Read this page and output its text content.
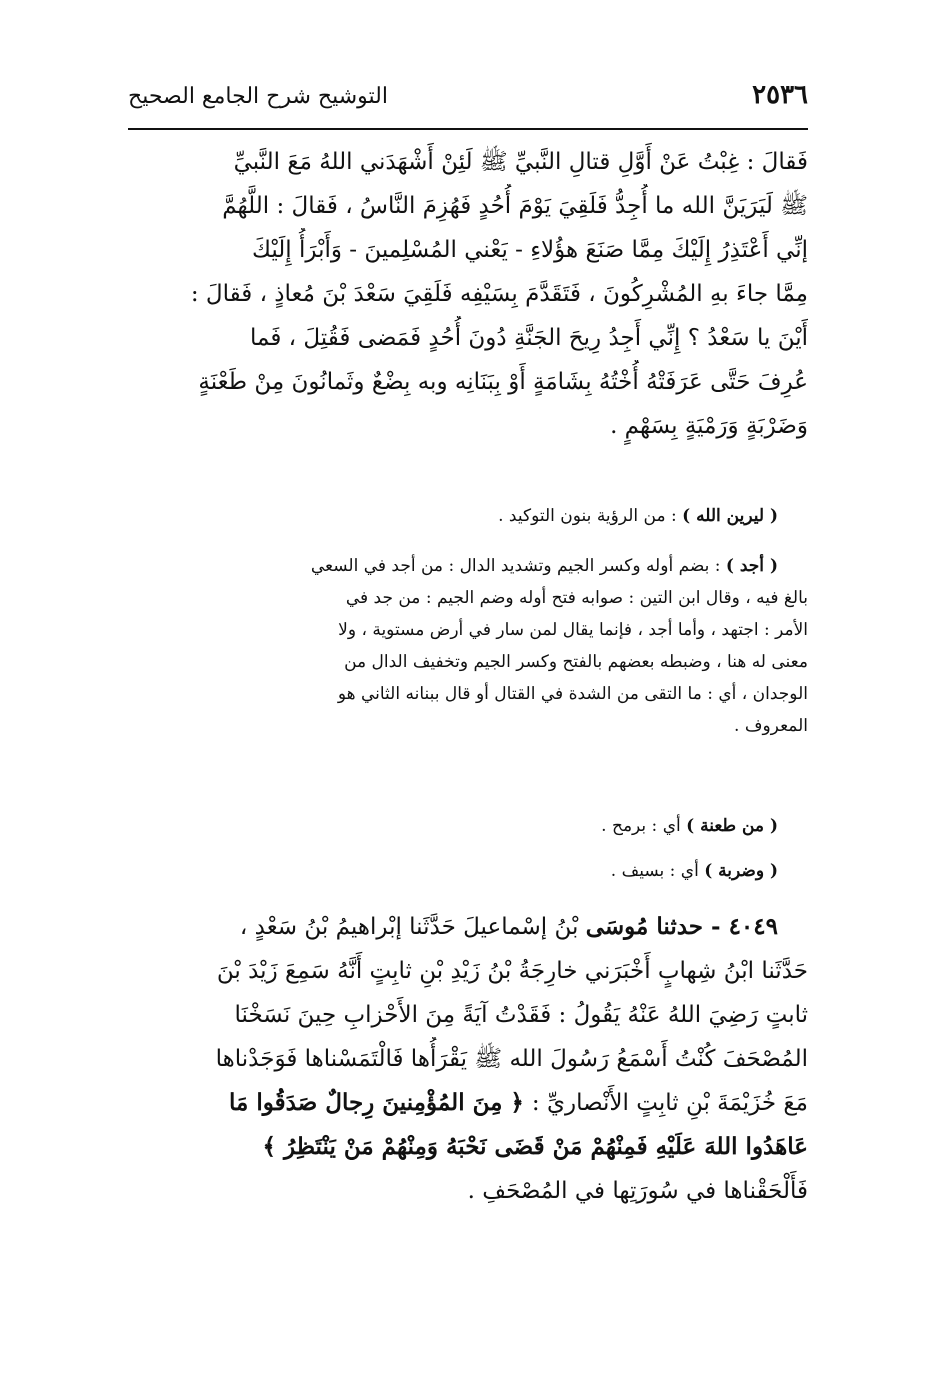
٢٥٣٦
التوشيح شرح الجامع الصحيح
فَقالَ : غِبْتُ عَنْ أَوَّلِ قتالِ النَّبيِّ ﷺ لَئِنْ أَشْهَدَني اللهُ مَعَ النَّبيِّ
ﷺ لَيَرَيَنَّ الله ما أُجِدُّ فَلَقِيَ يَوْمَ أُحُدٍ فَهُزِمَ النَّاسُ ، فَقالَ : اللَّهُمَّ
إنِّي أَعْتَذِرُ إِلَيْكَ مِمَّا صَنَعَ هؤُلاءِ - يَعْني المُسْلِمينَ - وَأَبْرَأُ إِلَيْكَ
مِمَّا جاءَ بهِ المُشْرِكُونَ ، فَتَقَدَّمَ بِسَيْفِه فَلَقِيَ سَعْدَ بْنَ مُعاذٍ ، فَقالَ :
أَيْنَ يا سَعْدُ ؟ إِنِّي أَجِدُ رِيحَ الجَنَّةِ دُونَ أُحُدٍ فَمَضى فَقُتِلَ ، فَما
عُرِفَ حَتَّى عَرَفَتْهُ أُخْتُهُ بِشَامَةٍ أَوْ بِبَنَانِه وبه بِضْعٌ وثَمانُونَ مِنْ طَعْنَةٍ
وَضَرْبَةٍ وَرَمْيَةٍ بِسَهْمٍ .
( ليرين الله ) : من الرؤية بنون التوكيد .
( أجد ) : بضم أوله وكسر الجيم وتشديد الدال : من أجد في السعي
بالغ فيه ، وقال ابن التين : صوابه فتح أوله وضم الجيم : من جد في
الأمر : اجتهد ، وأما أجد ، فإنما يقال لمن سار في أرض مستوية ، ولا
معنى له هنا ، وضبطه بعضهم بالفتح وكسر الجيم وتخفيف الدال من
الوجدان ، أي : ما التقى من الشدة في القتال أو قال ببنانه الثاني هو
المعروف .
( من طعنة ) أي : برمح .
( وضربة ) أي : بسيف .
٤٠٤٩ - حدثنا مُوسَى بْنُ إسْماعيلَ حَدَّثَنا إبْراهيمُ بْنُ سَعْدٍ ،
حَدَّثَنا ابْنُ شِهابٍ أَخْبَرَني خارِجَةُ بْنُ زَيْدِ بْنِ ثابِتٍ أَنَّهُ سَمِعَ زَيْدَ بْنَ
ثابتٍ رَضِيَ اللهُ عَنْهُ يَقُولُ : فَقَدْتُ آيَةً مِنَ الأَحْزابِ حِينَ نَسَخْنَا
المُصْحَفَ كُنْتُ أَسْمَعُ رَسُولَ الله ﷺ يَقْرَأُها فَالْتَمَسْناها فَوَجَدْناها
مَعَ خُزَيْمَةَ بْنِ ثابِتٍ الأَنْصاريِّ : ﴿ مِنَ المُؤْمِنينَ رِجالٌ صَدَقُوا مَا
عَاهَدُوا اللهَ عَلَيْهِ فَمِنْهُمْ مَنْ قَضَى نَحْبَهُ وَمِنْهُمْ مَنْ يَنْتَظِرُ ﴾
فَأَلْحَقْناها في سُورَتِها في المُصْحَفِ .
